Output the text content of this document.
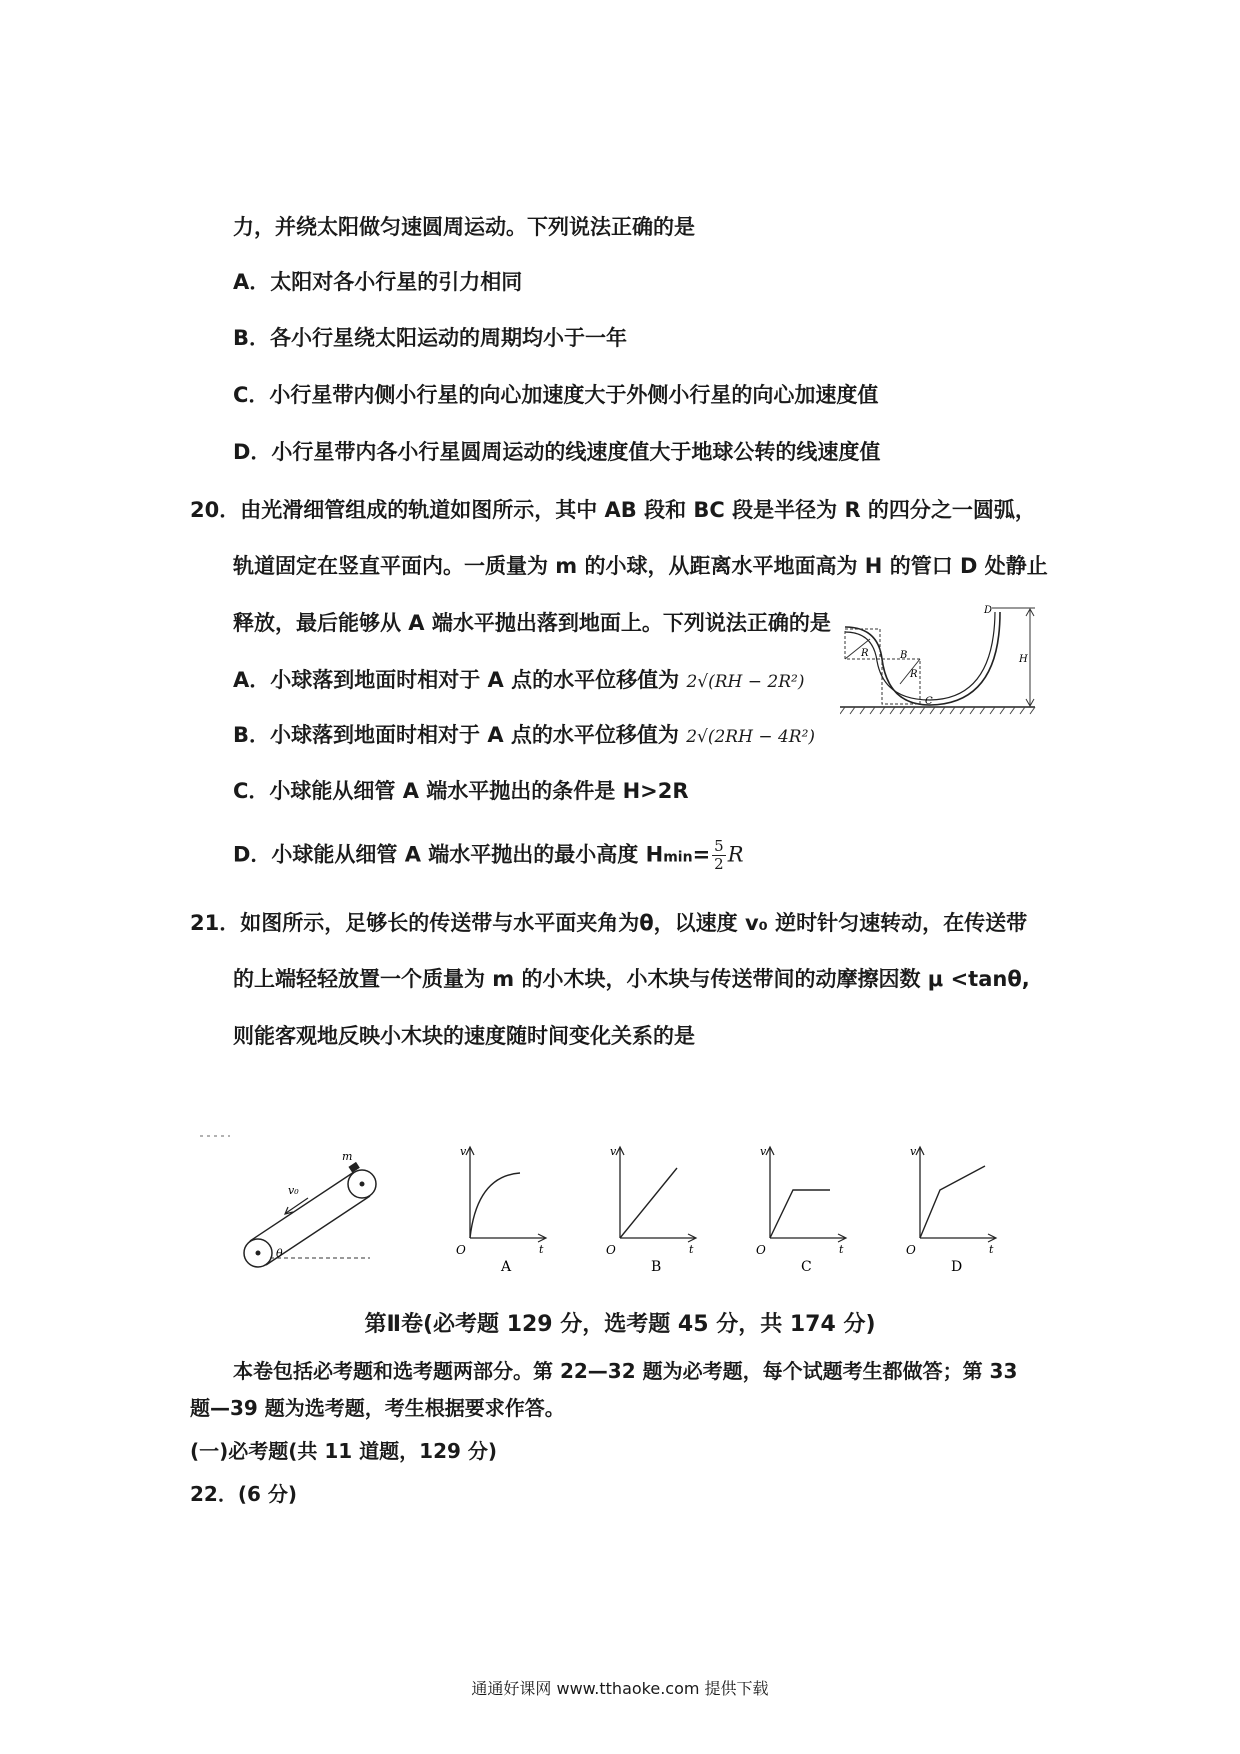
力，并绕太阳做匀速圆周运动。下列说法正确的是
A．太阳对各小行星的引力相同
B．各小行星绕太阳运动的周期均小于一年
C．小行星带内侧小行星的向心加速度大于外侧小行星的向心加速度值
D．小行星带内各小行星圆周运动的线速度值大于地球公转的线速度值
20．由光滑细管组成的轨道如图所示，其中 AB 段和 BC 段是半径为 R 的四分之一圆弧，
轨道固定在竖直平面内。一质量为 m 的小球，从距离水平地面高为 H 的管口 D 处静止
释放，最后能够从 A 端水平抛出落到地面上。下列说法正确的是
A．小球落到地面时相对于 A 点的水平位移值为 2√(RH − 2R²)
B．小球落到地面时相对于 A 点的水平位移值为 2√(2RH − 4R²)
C．小球能从细管 A 端水平抛出的条件是 H>2R
D．小球能从细管 A 端水平抛出的最小高度 $Hmin= \frac{5}{2}$ R
D
B
R
R
C
H
21．如图所示，足够长的传送带与水平面夹角为θ，以速度 v₀ 逆时针匀速转动，在传送带
的上端轻轻放置一个质量为 m 的小木块，小木块与传送带间的动摩擦因数 μ <tanθ,
则能客观地反映小木块的速度随时间变化关系的是
m
v₀
θ
v
t
O
A
v
t
O
B
v
t
O
C
v
t
O
D
第Ⅱ卷(必考题 129 分，选考题 45 分，共 174 分)
本卷包括必考题和选考题两部分。第 22—32 题为必考题，每个试题考生都做答；第 33
题—39 题为选考题，考生根据要求作答。
(一)必考题(共 11 道题，129 分)
22．(6 分)
通通好课网 www.tthaoke.com 提供下载
